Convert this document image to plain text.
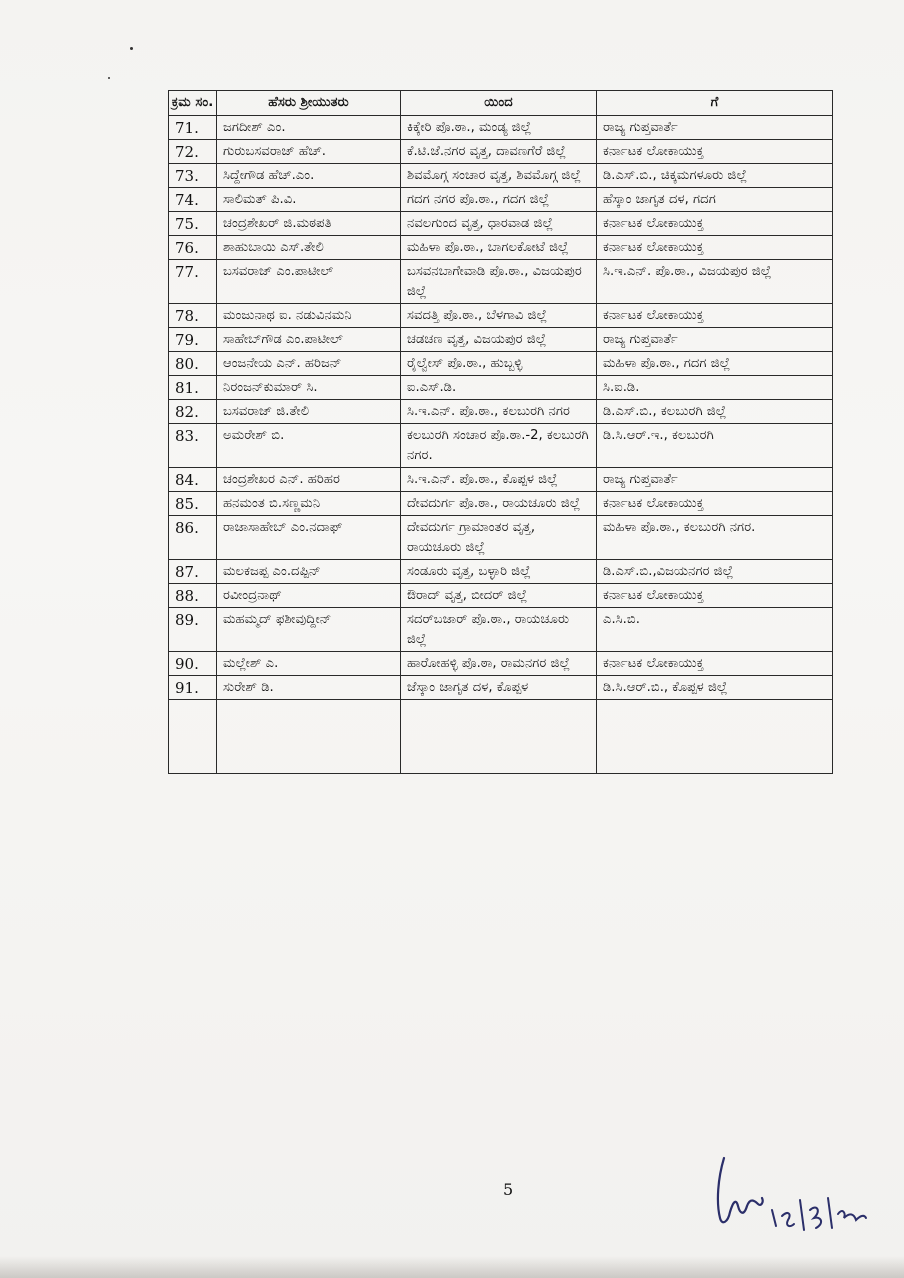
ಕ್ರಮ ಸಂ.	ಹೆಸರು ಶ್ರೀಯುತರು	ಯಿಂದ	ಗೆ
71.	ಜಗದೀಶ್ ಎಂ.	ಕಿಕ್ಕೇರಿ ಪೊ.ಠಾ., ಮಂಡ್ಯ ಜಿಲ್ಲೆ	ರಾಜ್ಯ ಗುಪ್ತವಾರ್ತೆ
72.	ಗುರುಬಸವರಾಜ್ ಹೆಚ್.	ಕೆ.ಟಿ.ಜೆ.ನಗರ ವೃತ್ತ, ದಾವಣಗೆರೆ ಜಿಲ್ಲೆ	ಕರ್ನಾಟಕ ಲೋಕಾಯುಕ್ತ
73.	ಸಿದ್ದೇಗೌಡ ಹೆಚ್.ಎಂ.	ಶಿವಮೊಗ್ಗ ಸಂಚಾರ ವೃತ್ತ, ಶಿವಮೊಗ್ಗ ಜಿಲ್ಲೆ	ಡಿ.ಎಸ್.ಬಿ., ಚಿಕ್ಕಮಗಳೂರು ಜಿಲ್ಲೆ
74.	ಸಾಲಿಮತ್ ಪಿ.ವಿ.	ಗದಗ ನಗರ ಪೊ.ಠಾ., ಗದಗ ಜಿಲ್ಲೆ	ಹೆಸ್ಕಾಂ ಜಾಗೃತ ದಳ, ಗದಗ
75.	ಚಂದ್ರಶೇಖರ್ ಜಿ.ಮಠಪತಿ	ನವಲಗುಂದ ವೃತ್ತ, ಧಾರವಾಡ ಜಿಲ್ಲೆ	ಕರ್ನಾಟಕ ಲೋಕಾಯುಕ್ತ
76.	ಶಾಹುಬಾಯಿ ಎಸ್.ತೇಲಿ	ಮಹಿಳಾ ಪೊ.ಠಾ., ಬಾಗಲಕೋಟೆ ಜಿಲ್ಲೆ	ಕರ್ನಾಟಕ ಲೋಕಾಯುಕ್ತ
77.	ಬಸವರಾಜ್ ಎಂ.ಪಾಟೀಲ್	ಬಸವನಬಾಗೇವಾಡಿ ಪೊ.ಠಾ., ವಿಜಯಪುರ ಜಿಲ್ಲೆ	ಸಿ.ಇ.ಎನ್. ಪೊ.ಠಾ., ವಿಜಯಪುರ ಜಿಲ್ಲೆ
78.	ಮಂಜುನಾಥ ಐ. ನಡುವಿನಮನಿ	ಸವದತ್ತಿ ಪೊ.ಠಾ., ಬೆಳಗಾವಿ ಜಿಲ್ಲೆ	ಕರ್ನಾಟಕ ಲೋಕಾಯುಕ್ತ
79.	ಸಾಹೇಬ್‌ಗೌಡ ಎಂ.ಪಾಟೀಲ್	ಚಡಚಣ ವೃತ್ತ, ವಿಜಯಪುರ ಜಿಲ್ಲೆ	ರಾಜ್ಯ ಗುಪ್ತವಾರ್ತೆ
80.	ಆಂಜನೇಯ ಎನ್. ಹರಿಜನ್	ರೈಲ್ವೇಸ್ ಪೊ.ಠಾ., ಹುಬ್ಬಳ್ಳಿ	ಮಹಿಳಾ ಪೊ.ಠಾ., ಗದಗ ಜಿಲ್ಲೆ
81.	ನಿರಂಜನ್‌ಕುಮಾರ್ ಸಿ.	ಐ.ಎಸ್.ಡಿ.	ಸಿ.ಐ.ಡಿ.
82.	ಬಸವರಾಜ್ ಜಿ.ತೇಲಿ	ಸಿ.ಇ.ಎನ್. ಪೊ.ಠಾ., ಕಲಬುರಗಿ ನಗರ	ಡಿ.ಎಸ್.ಬಿ., ಕಲಬುರಗಿ ಜಿಲ್ಲೆ
83.	ಅಮರೇಶ್ ಬಿ.	ಕಲಬುರಗಿ ಸಂಚಾರ ಪೊ.ಠಾ.-2, ಕಲಬುರಗಿ ನಗರ.	ಡಿ.ಸಿ.ಆರ್.ಇ., ಕಲಬುರಗಿ
84.	ಚಂದ್ರಶೇಖರ ಎನ್. ಹರಿಹರ	ಸಿ.ಇ.ಎನ್. ಪೊ.ಠಾ., ಕೊಪ್ಪಳ ಜಿಲ್ಲೆ	ರಾಜ್ಯ ಗುಪ್ತವಾರ್ತೆ
85.	ಹನಮಂತ ಬಿ.ಸಣ್ಣಮನಿ	ದೇವದುರ್ಗ ಪೊ.ಠಾ., ರಾಯಚೂರು ಜಿಲ್ಲೆ	ಕರ್ನಾಟಕ ಲೋಕಾಯುಕ್ತ
86.	ರಾಜಾಸಾಹೇಬ್ ಎಂ.ನದಾಫ್	ದೇವದುರ್ಗ ಗ್ರಾಮಾಂತರ ವೃತ್ತ, ರಾಯಚೂರು ಜಿಲ್ಲೆ	ಮಹಿಳಾ ಪೊ.ಠಾ., ಕಲಬುರಗಿ ನಗರ.
87.	ಮಲಕಜಪ್ಪ ಎಂ.ದಪ್ಪಿನ್	ಸಂಡೂರು ವೃತ್ತ, ಬಳ್ಳಾರಿ ಜಿಲ್ಲೆ	ಡಿ.ಎಸ್.ಬಿ.,ವಿಜಯನಗರ ಜಿಲ್ಲೆ
88.	ರವೀಂದ್ರನಾಥ್	ಔರಾದ್ ವೃತ್ತ, ಬೀದರ್ ಜಿಲ್ಲೆ	ಕರ್ನಾಟಕ ಲೋಕಾಯುಕ್ತ
89.	ಮಹಮ್ಮದ್ ಫಶೀವುದ್ದೀನ್	ಸದರ್‌ಬಜಾರ್ ಪೊ.ಠಾ., ರಾಯಚೂರು ಜಿಲ್ಲೆ	ಎ.ಸಿ.ಬಿ.
90.	ಮಲ್ಲೇಶ್ ಎ.	ಹಾರೋಹಳ್ಳಿ ಪೊ.ಠಾ, ರಾಮನಗರ ಜಿಲ್ಲೆ	ಕರ್ನಾಟಕ ಲೋಕಾಯುಕ್ತ
91.	ಸುರೇಶ್ ಡಿ.	ಜೆಸ್ಕಾಂ ಜಾಗೃತ ದಳ, ಕೊಪ್ಪಳ	ಡಿ.ಸಿ.ಆರ್.ಬಿ., ಕೊಪ್ಪಳ ಜಿಲ್ಲೆ

5
